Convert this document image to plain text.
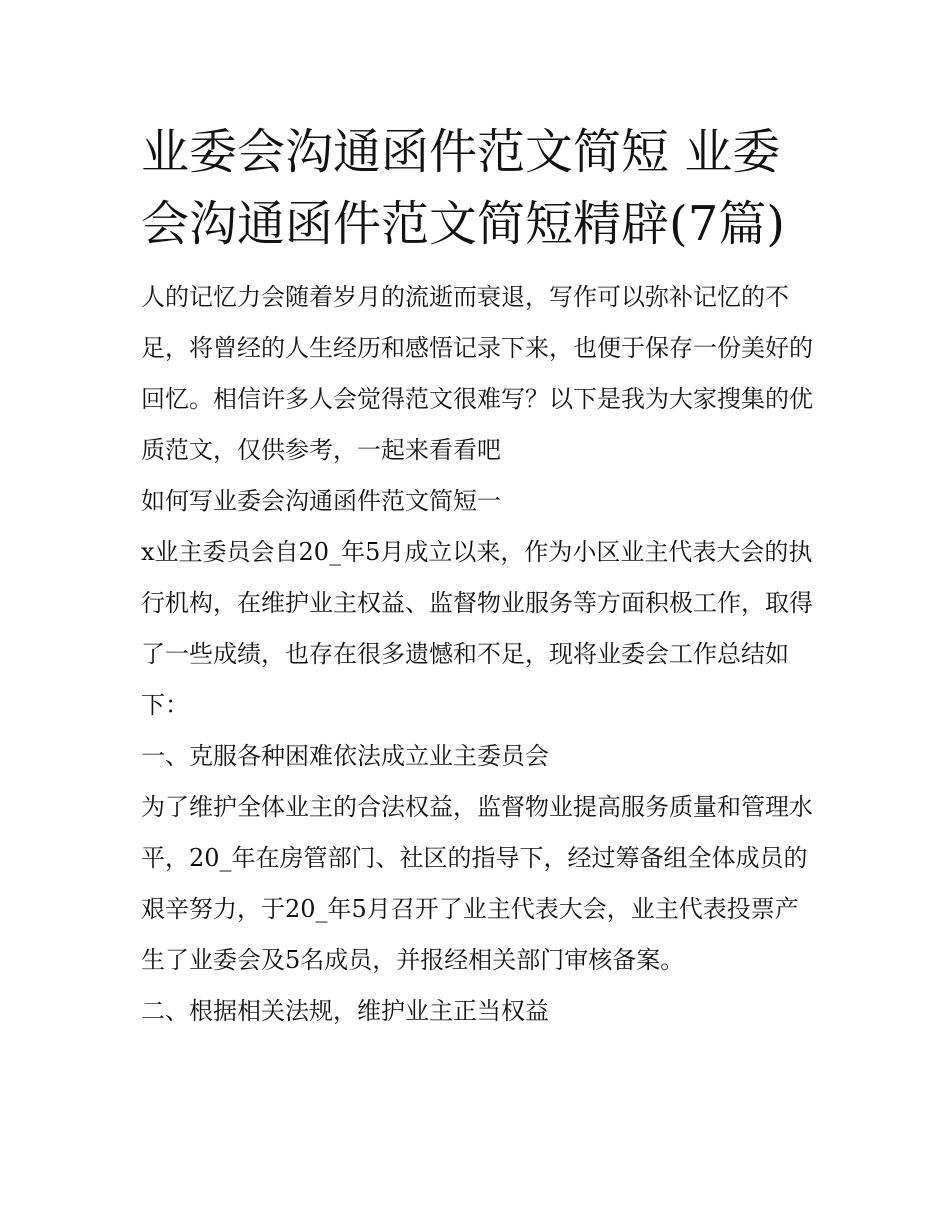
业委会沟通函件范文简短 业委会沟通函件范文简短精辟(7篇)

人的记忆力会随着岁月的流逝而衰退，写作可以弥补记忆的不足，将曾经的人生经历和感悟记录下来，也便于保存一份美好的回忆。相信许多人会觉得范文很难写？以下是我为大家搜集的优质范文，仅供参考，一起来看看吧

如何写业委会沟通函件范文简短一

x业主委员会自20_年5月成立以来，作为小区业主代表大会的执行机构，在维护业主权益、监督物业服务等方面积极工作，取得了一些成绩，也存在很多遗憾和不足，现将业委会工作总结如下：

一、克服各种困难依法成立业主委员会

为了维护全体业主的合法权益，监督物业提高服务质量和管理水平，20_年在房管部门、社区的指导下，经过筹备组全体成员的艰辛努力，于20_年5月召开了业主代表大会，业主代表投票产生了业委会及5名成员，并报经相关部门审核备案。

二、根据相关法规，维护业主正当权益
